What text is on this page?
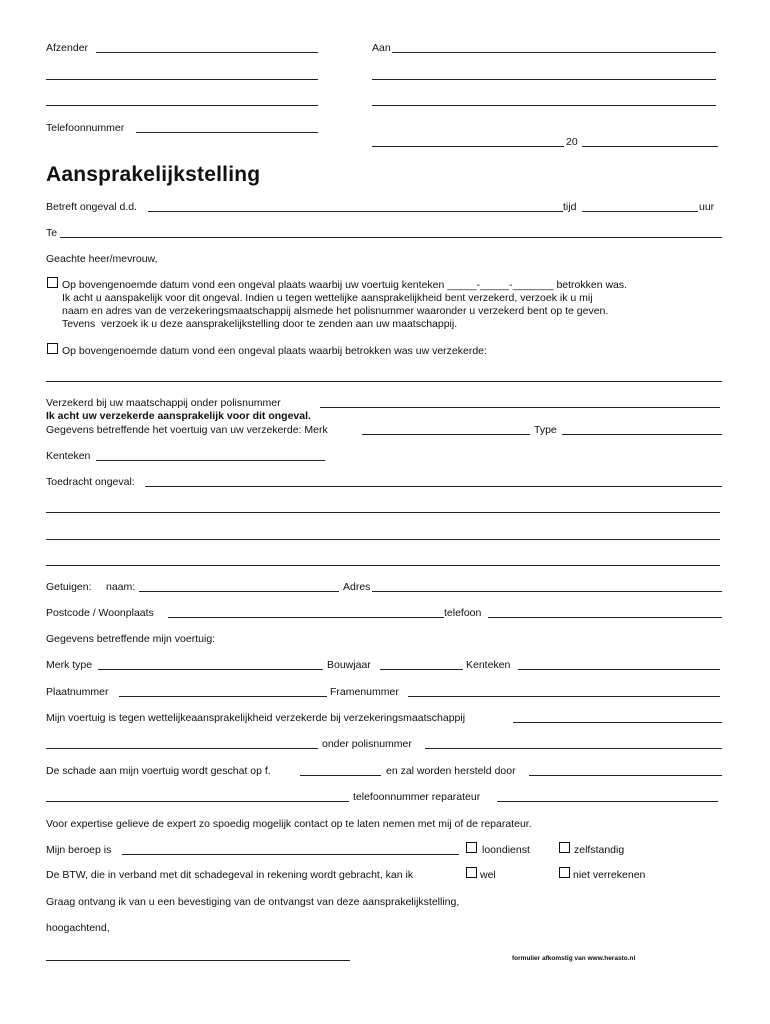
Afzender	Aan
Telefoonnummer
20
Aansprakelijkstelling
Betreft ongeval d.d.	tijd	uur
Te
Geachte heer/mevrouw,
Op bovengenoemde datum vond een ongeval plaats waarbij uw voertuig kenteken _____-_____-_______ betrokken was.
Ik acht u aanspakelijk voor dit ongeval. Indien u tegen wettelijke aansprakelijkheid bent verzekerd, verzoek ik u mij
naam en adres van de verzekeringsmaatschappij alsmede het polisnummer waaronder u verzekerd bent op te geven.
Tevens  verzoek ik u deze aansprakelijkstelling door te zenden aan uw maatschappij.
Op bovengenoemde datum vond een ongeval plaats waarbij betrokken was uw verzekerde:
Verzekerd bij uw maatschappij onder polisnummer
Ik acht uw verzekerde aansprakelijk voor dit ongeval.
Gegevens betreffende het voertuig van uw verzekerde: Merk	Type
Kenteken
Toedracht ongeval:
Getuigen: naam:	Adres
Postcode / Woonplaats	telefoon
Gegevens betreffende mijn voertuig:
Merk type	Bouwjaar	Kenteken
Plaatnummer	Framenummer
Mijn voertuig is tegen wettelijkeaansprakelijkheid verzekerde bij verzekeringsmaatschappij
onder polisnummer
De schade aan mijn voertuig wordt geschat op f.	en zal worden hersteld door
telefoonnummer reparateur
Voor expertise gelieve de expert zo spoedig mogelijk contact op te laten nemen met mij of de reparateur.
Mijn beroep is	loondienst	zelfstandig
De BTW, die in verband met dit schadegeval in rekening wordt gebracht, kan ik	wel	niet verrekenen
Graag ontvang ik van u een bevestiging van de ontvangst van deze aansprakelijkstelling,
hoogachtend,
formulier afkomstig van www.herasto.nl
